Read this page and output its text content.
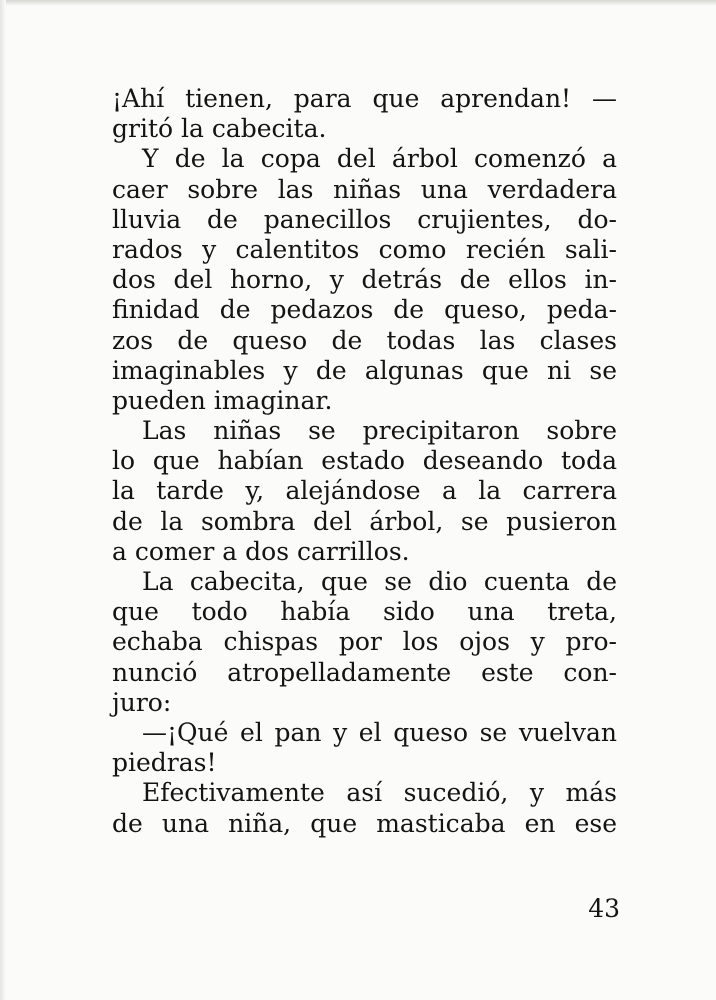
¡Ahí tienen, para que aprendan! —
gritó la cabecita.
Y de la copa del árbol comenzó a
caer sobre las niñas una verdadera
lluvia de panecillos crujientes, do-
rados y calentitos como recién sali-
dos del horno, y detrás de ellos in-
finidad de pedazos de queso, peda-
zos de queso de todas las clases
imaginables y de algunas que ni se
pueden imaginar.
Las niñas se precipitaron sobre
lo que habían estado deseando toda
la tarde y, alejándose a la carrera
de la sombra del árbol, se pusieron
a comer a dos carrillos.
La cabecita, que se dio cuenta de
que todo había sido una treta,
echaba chispas por los ojos y pro-
nunció atropelladamente este con-
juro:
—¡Qué el pan y el queso se vuelvan
piedras!
Efectivamente así sucedió, y más
de una niña, que masticaba en ese
43
